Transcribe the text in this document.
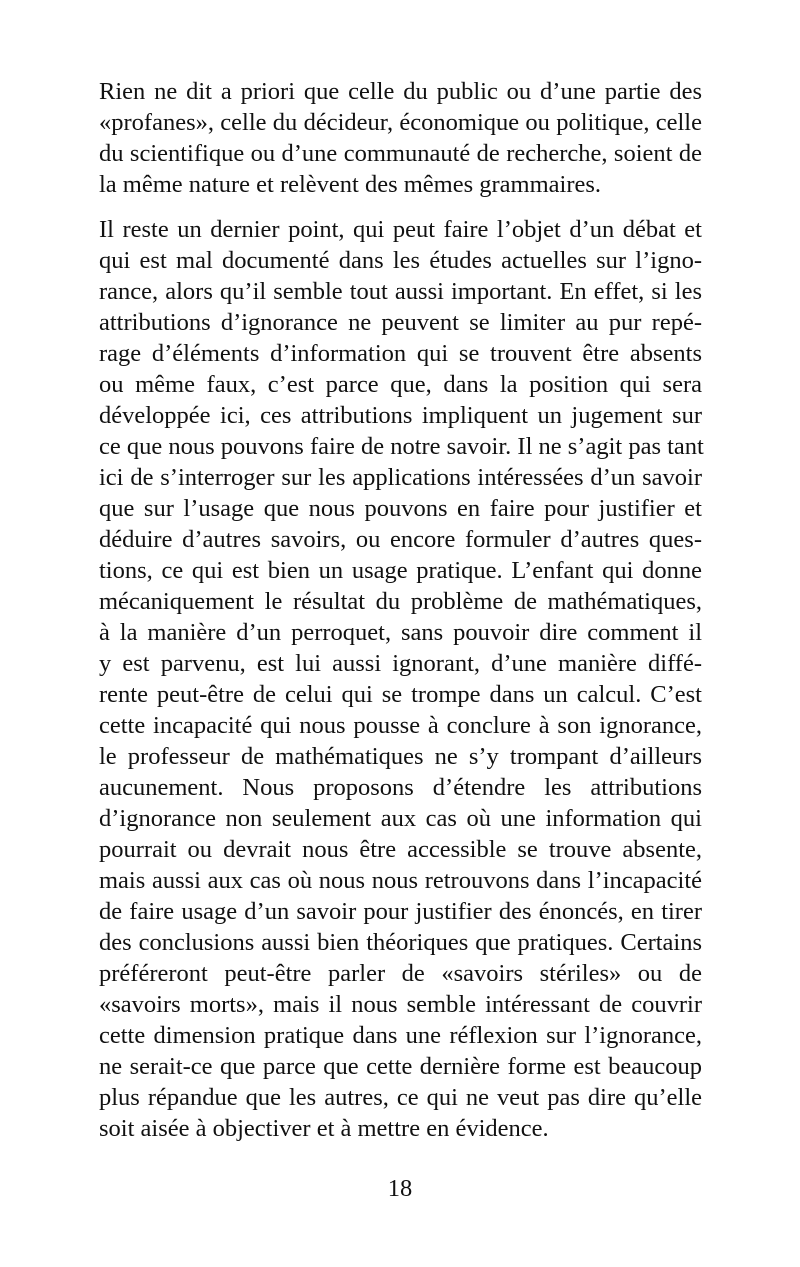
Rien ne dit a priori que celle du public ou d’une partie des
«profanes», celle du décideur, économique ou politique, celle
du scientifique ou d’une communauté de recherche, soient de
la même nature et relèvent des mêmes grammaires.
Il reste un dernier point, qui peut faire l’objet d’un débat et
qui est mal documenté dans les études actuelles sur l’igno-
rance, alors qu’il semble tout aussi important. En effet, si les
attributions d’ignorance ne peuvent se limiter au pur repé-
rage d’éléments d’information qui se trouvent être absents
ou même faux, c’est parce que, dans la position qui sera
développée ici, ces attributions impliquent un jugement sur
ce que nous pouvons faire de notre savoir. Il ne s’agit pas tant
ici de s’interroger sur les applications intéressées d’un savoir
que sur l’usage que nous pouvons en faire pour justifier et
déduire d’autres savoirs, ou encore formuler d’autres ques-
tions, ce qui est bien un usage pratique. L’enfant qui donne
mécaniquement le résultat du problème de mathématiques,
à la manière d’un perroquet, sans pouvoir dire comment il
y est parvenu, est lui aussi ignorant, d’une manière diffé-
rente peut-être de celui qui se trompe dans un calcul. C’est
cette incapacité qui nous pousse à conclure à son ignorance,
le professeur de mathématiques ne s’y trompant d’ailleurs
aucunement. Nous proposons d’étendre les attributions
d’ignorance non seulement aux cas où une information qui
pourrait ou devrait nous être accessible se trouve absente,
mais aussi aux cas où nous nous retrouvons dans l’incapacité
de faire usage d’un savoir pour justifier des énoncés, en tirer
des conclusions aussi bien théoriques que pratiques. Certains
préféreront peut-être parler de «savoirs stériles» ou de
«savoirs morts», mais il nous semble intéressant de couvrir
cette dimension pratique dans une réflexion sur l’ignorance,
ne serait-ce que parce que cette dernière forme est beaucoup
plus répandue que les autres, ce qui ne veut pas dire qu’elle
soit aisée à objectiver et à mettre en évidence.
18
